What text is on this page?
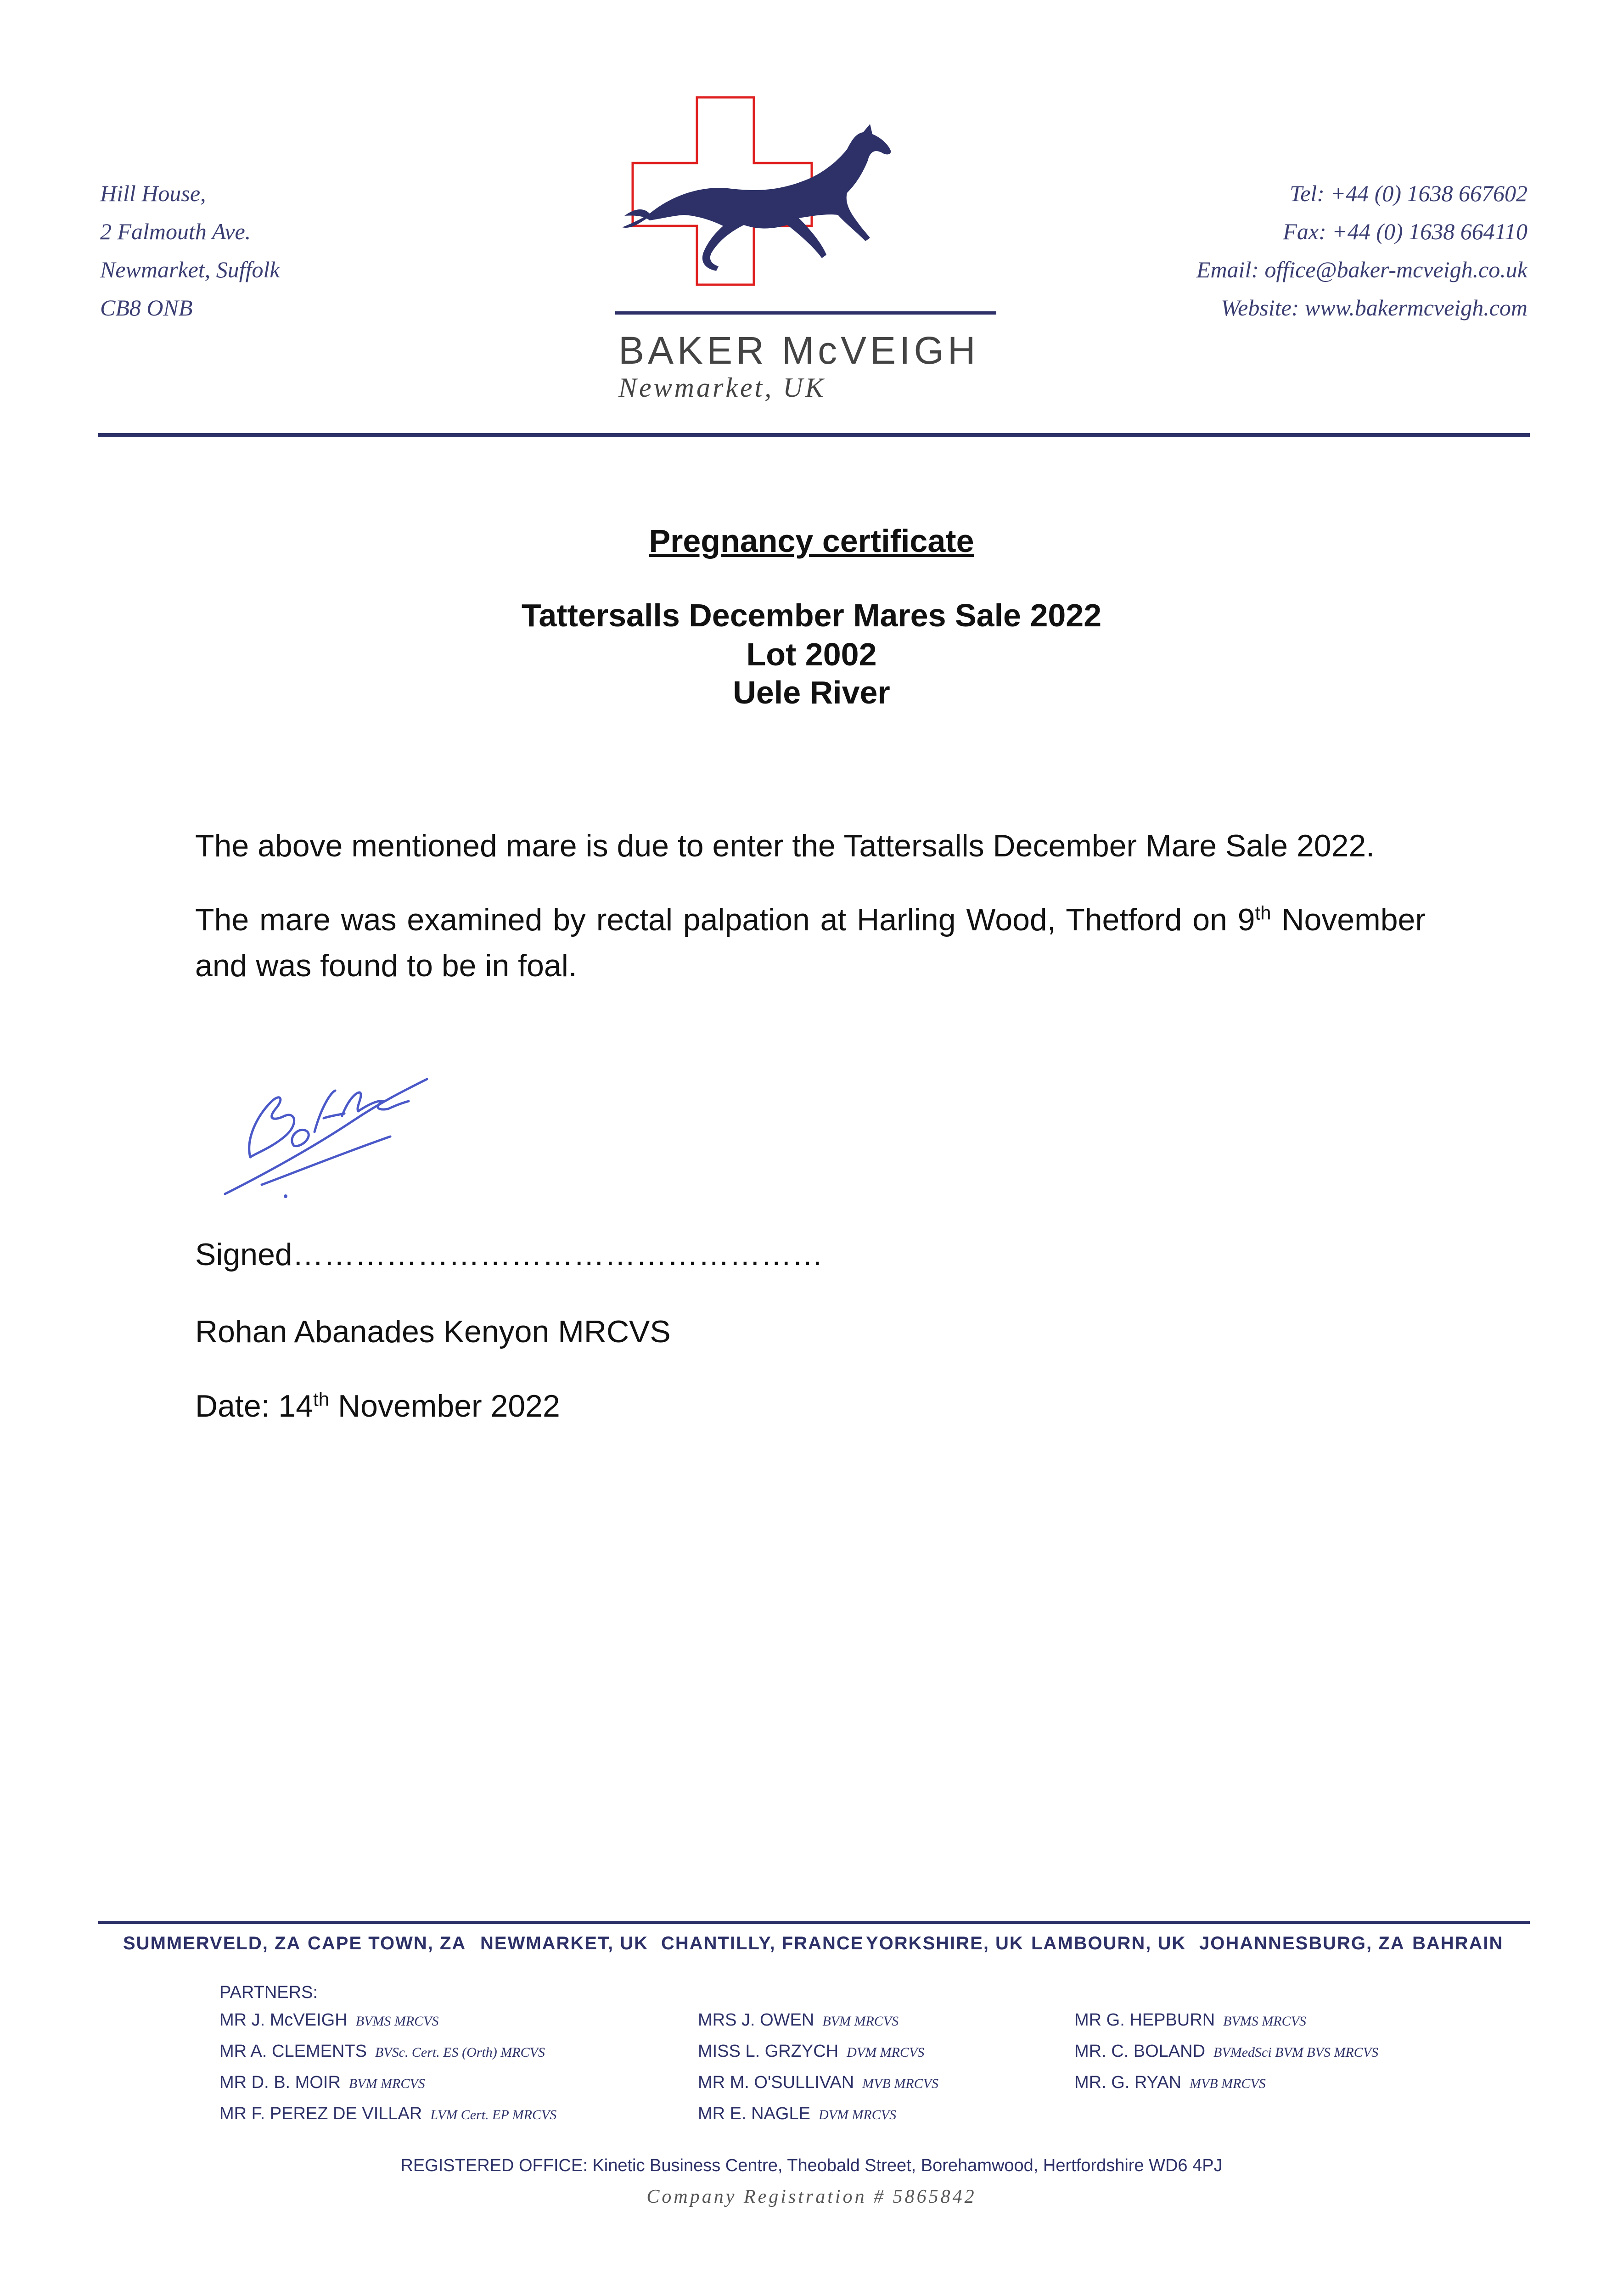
Hill House,
2 Falmouth Ave.
Newmarket, Suffolk
CB8 ONB
Tel: +44 (0) 1638 667602
Fax: +44 (0) 1638 664110
Email: office@baker-mcveigh.co.uk
Website: www.bakermcveigh.com
BAKER McVEIGH
Newmarket, UK
Pregnancy certificate
Tattersalls December Mares Sale 2022
Lot 2002
Uele River
The above mentioned mare is due to enter the Tattersalls December Mare Sale 2022.
The mare was examined by rectal palpation at Harling Wood, Thetford on 9th November and was found to be in foal.
Signed……………………………………………
Rohan Abanades Kenyon MRCVS
Date: 14th November 2022
SUMMERVELD, ZA CAPE TOWN, ZA NEWMARKET, UK CHANTILLY, FRANCE YORKSHIRE, UK LAMBOURN, UK JOHANNESBURG, ZA BAHRAIN
PARTNERS:
MR J. McVEIGH BVMS MRCVS
MR A. CLEMENTS BVSc. Cert. ES (Orth) MRCVS
MR D. B. MOIR BVM MRCVS
MR F. PEREZ DE VILLAR LVM Cert. EP MRCVS
MRS J. OWEN BVM MRCVS
MISS L. GRZYCH DVM MRCVS
MR M. O'SULLIVAN MVB MRCVS
MR E. NAGLE DVM MRCVS
MR G. HEPBURN BVMS MRCVS
MR. C. BOLAND BVMedSci BVM BVS MRCVS
MR. G. RYAN MVB MRCVS
REGISTERED OFFICE: Kinetic Business Centre, Theobald Street, Borehamwood, Hertfordshire WD6 4PJ
Company Registration # 5865842
